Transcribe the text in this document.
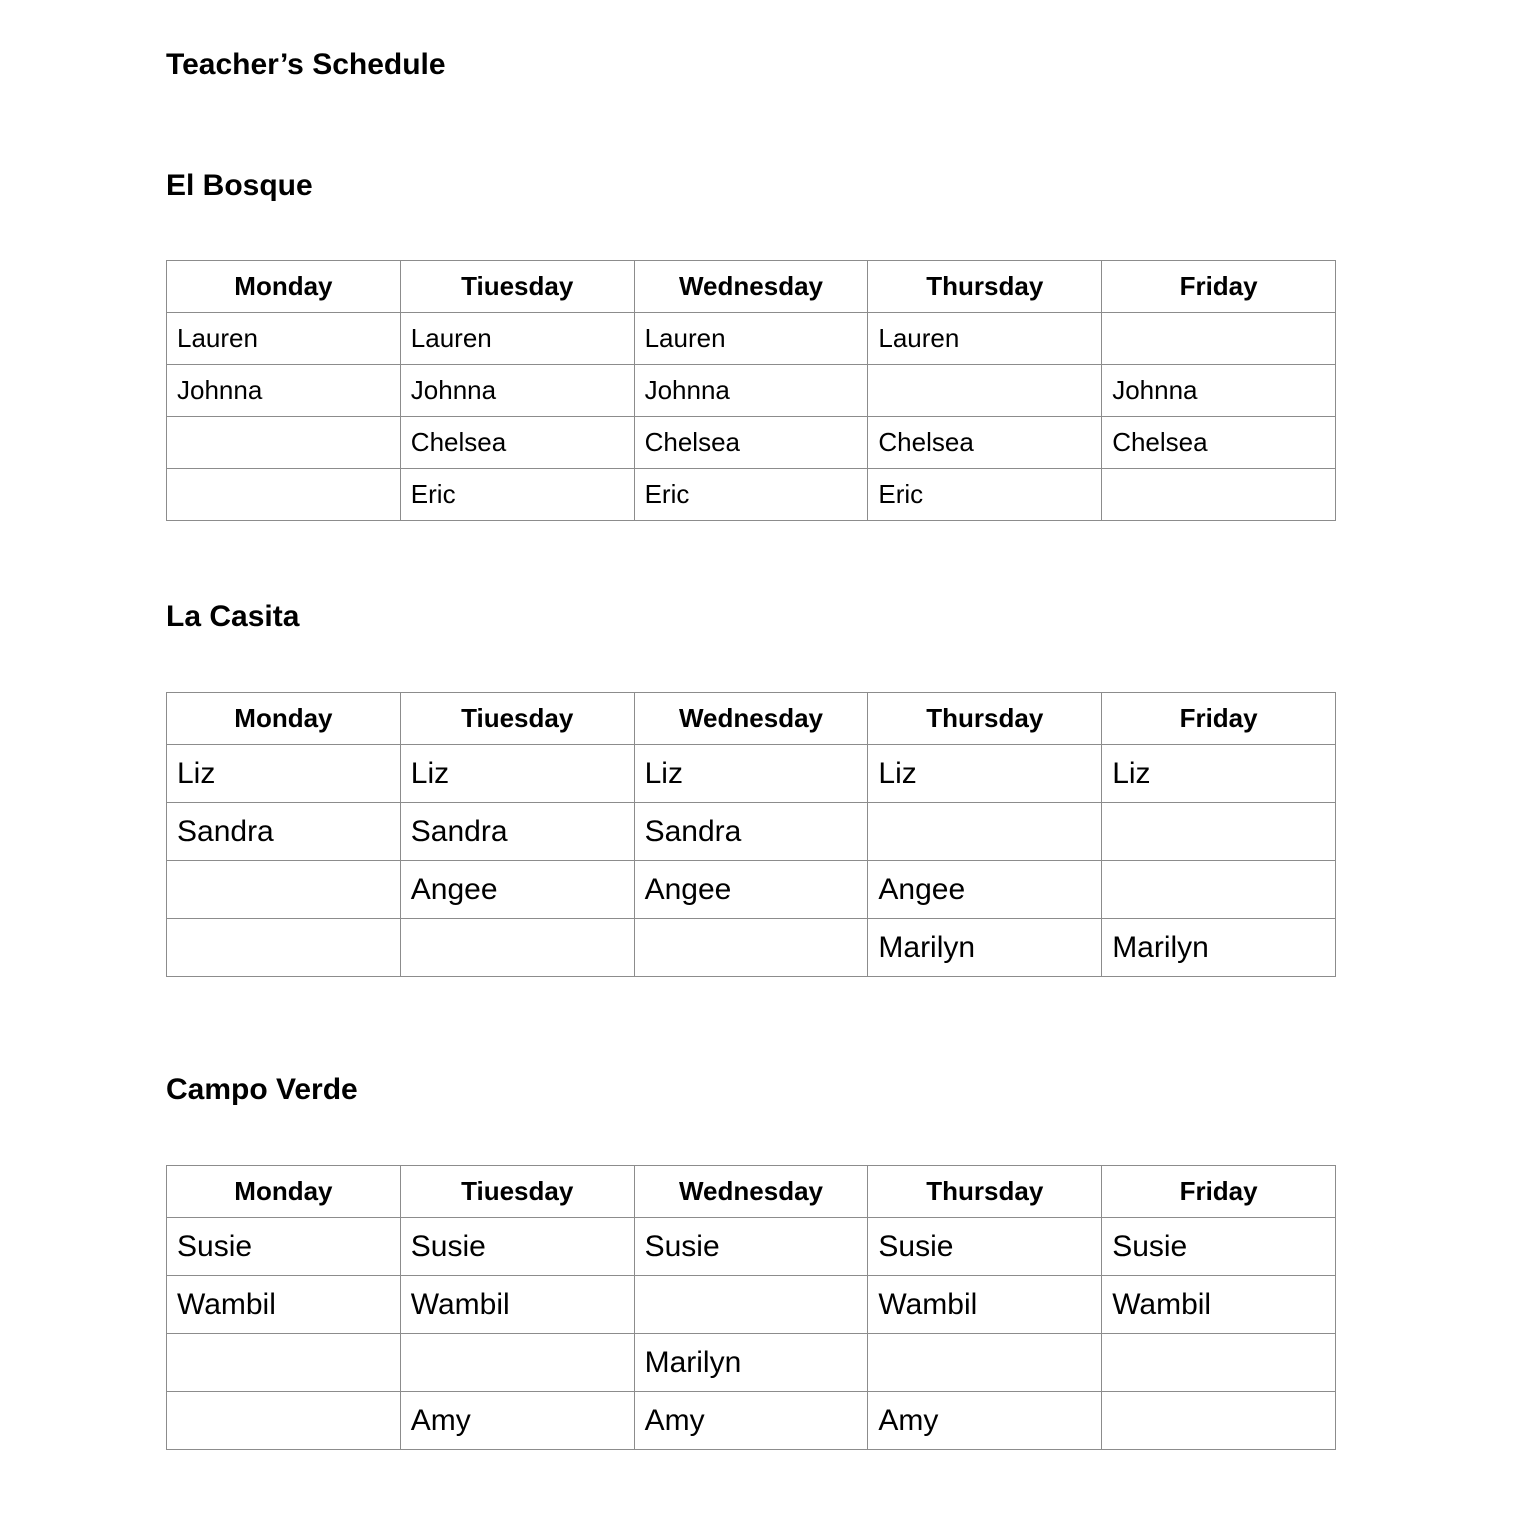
Teacher’s Schedule
El Bosque
Monday	Tiuesday	Wednesday	Thursday	Friday
Lauren	Lauren	Lauren	Lauren	
Johnna	Johnna	Johnna		Johnna
	Chelsea	Chelsea	Chelsea	Chelsea
	Eric	Eric	Eric	
La Casita
Monday	Tiuesday	Wednesday	Thursday	Friday
Liz	Liz	Liz	Liz	Liz
Sandra	Sandra	Sandra		
	Angee	Angee	Angee	
			Marilyn	Marilyn
Campo Verde
Monday	Tiuesday	Wednesday	Thursday	Friday
Susie	Susie	Susie	Susie	Susie
Wambil	Wambil		Wambil	Wambil
		Marilyn		
	Amy	Amy	Amy	
